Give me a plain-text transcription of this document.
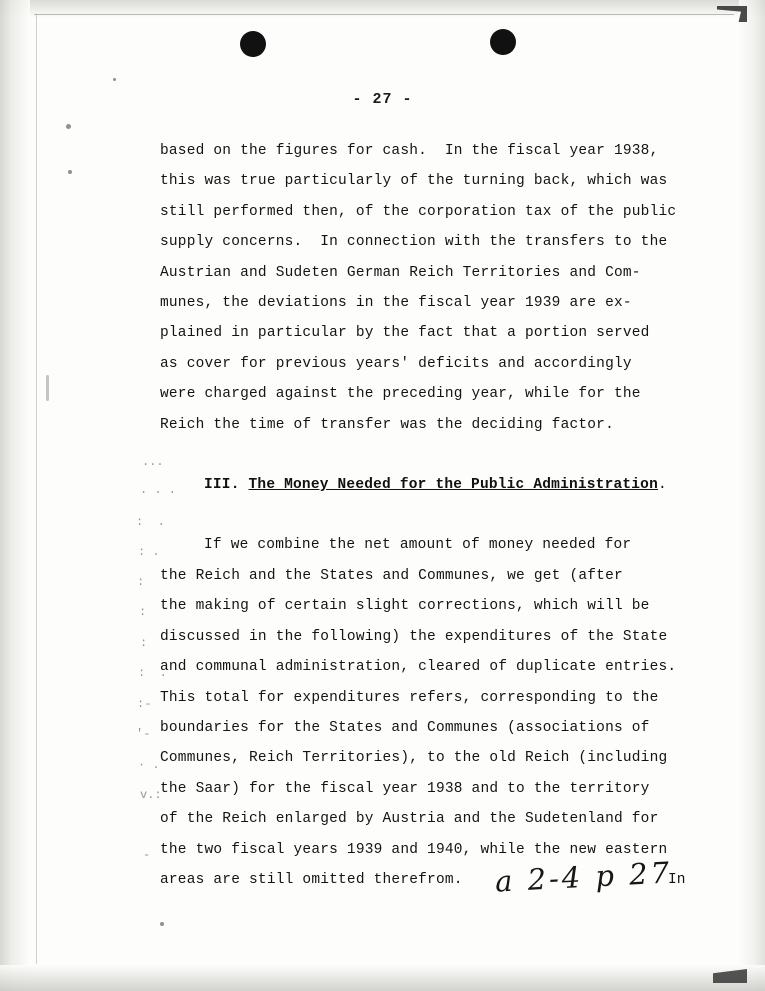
- 27 -
based on the figures for cash.  In the fiscal year 1938,
this was true particularly of the turning back, which was
still performed then, of the corporation tax of the public
supply concerns.  In connection with the transfers to the
Austrian and Sudeten German Reich Territories and Com-
munes, the deviations in the fiscal year 1939 are ex-
plained in particular by the fact that a portion served
as cover for previous years' deficits and accordingly
were charged against the preceding year, while for the
Reich the time of transfer was the deciding factor.
III. The Money Needed for the Public Administration.
If we combine the net amount of money needed for
the Reich and the States and Communes, we get (after
the making of certain slight corrections, which will be
discussed in the following) the expenditures of the State
and communal administration, cleared of duplicate entries.
This total for expenditures refers, corresponding to the
boundaries for the States and Communes (associations of
Communes, Reich Territories), to the old Reich (including
the Saar) for the fiscal year 1938 and to the territory
of the Reich enlarged by Austria and the Sudetenland for
the two fiscal years 1939 and 1940, while the new eastern
areas are still omitted therefrom.
...
. . .
:  .
: .
:
:
:
:  .
:-
'-
· .
v.:
-
a 2-4 p 27
In
